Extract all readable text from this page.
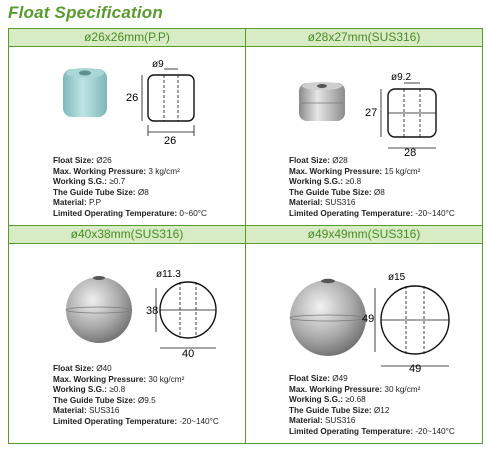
Float Specification
ø26x26mm(P.P)
ø9
26
26
Float Size: Ø26
Max. Working Pressure: 3 kg/cm²
Working S.G.: ≥0.7
The Guide Tube Size: Ø8
Material: P.P
Limited Operating Temperature: 0~60°C
ø28x27mm(SUS316)
ø9.2
27
28
Float Size: Ø28
Max. Working Pressure: 15 kg/cm²
Working S.G.: ≥0.8
The Guide Tube Size: Ø8
Material: SUS316
Limited Operating Temperature: -20~140°C
ø40x38mm(SUS316)
ø11.3
38
40
Float Size: Ø40
Max. Working Pressure: 30 kg/cm²
Working S.G.: ≥0.8
The Guide Tube Size: Ø9.5
Material: SUS316
Limited Operating Temperature: -20~140°C
ø49x49mm(SUS316)
ø15
49
49
Float Size: Ø49
Max. Working Pressure: 30 kg/cm²
Working S.G.: ≥0.68
The Guide Tube Size: Ø12
Material: SUS316
Limited Operating Temperature: -20~140°C
